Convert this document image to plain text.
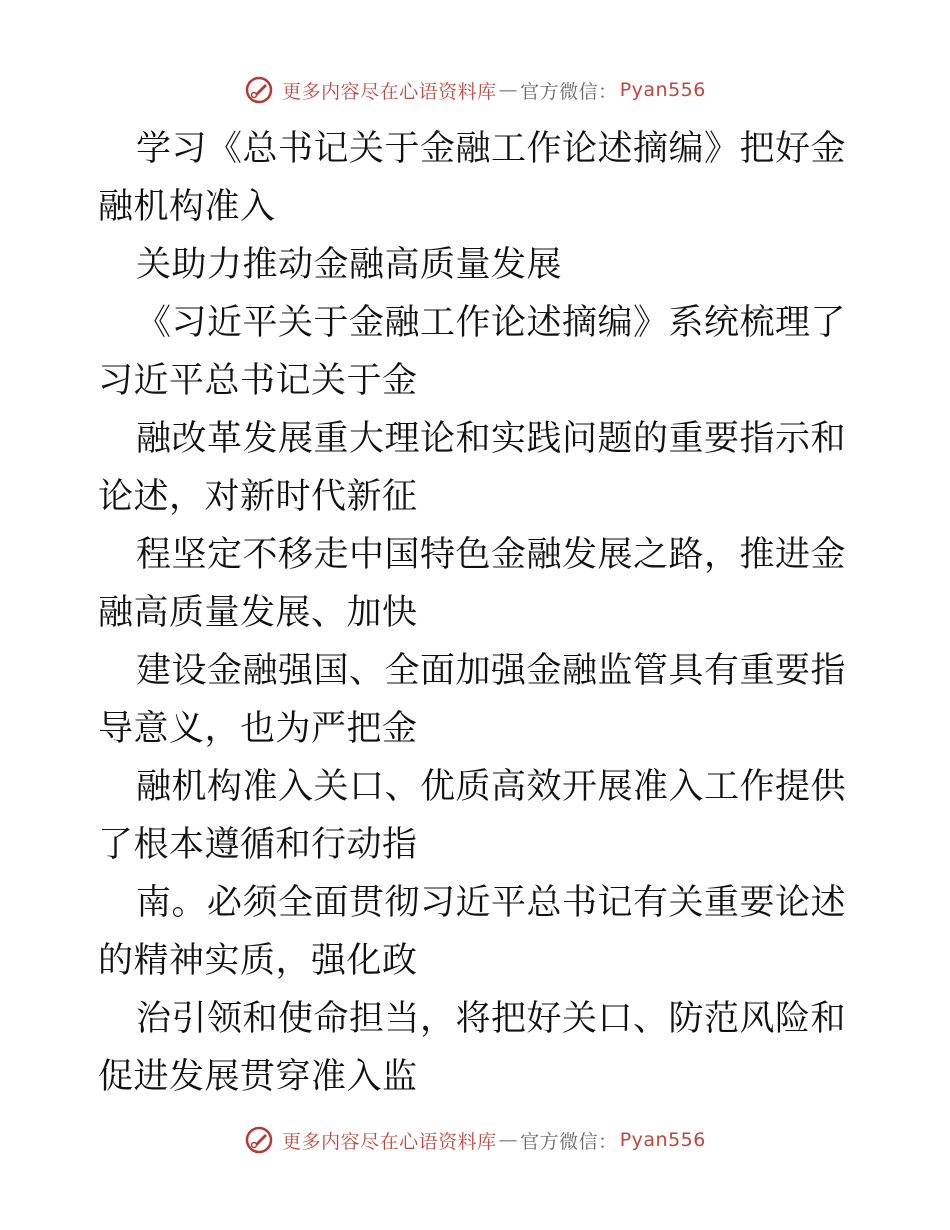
更多内容尽在心语资料库 — 官方微信： Pyan556

学习《总书记关于金融工作论述摘编》把好金融机构准入

关助力推动金融高质量发展

《习近平关于金融工作论述摘编》系统梳理了习近平总书记关于金

融改革发展重大理论和实践问题的重要指示和论述，对新时代新征

程坚定不移走中国特色金融发展之路，推进金融高质量发展、加快

建设金融强国、全面加强金融监管具有重要指导意义，也为严把金

融机构准入关口、优质高效开展准入工作提供了根本遵循和行动指

南。必须全面贯彻习近平总书记有关重要论述的精神实质，强化政

治引领和使命担当，将把好关口、防范风险和促进发展贯穿准入监

更多内容尽在心语资料库 — 官方微信： Pyan556
